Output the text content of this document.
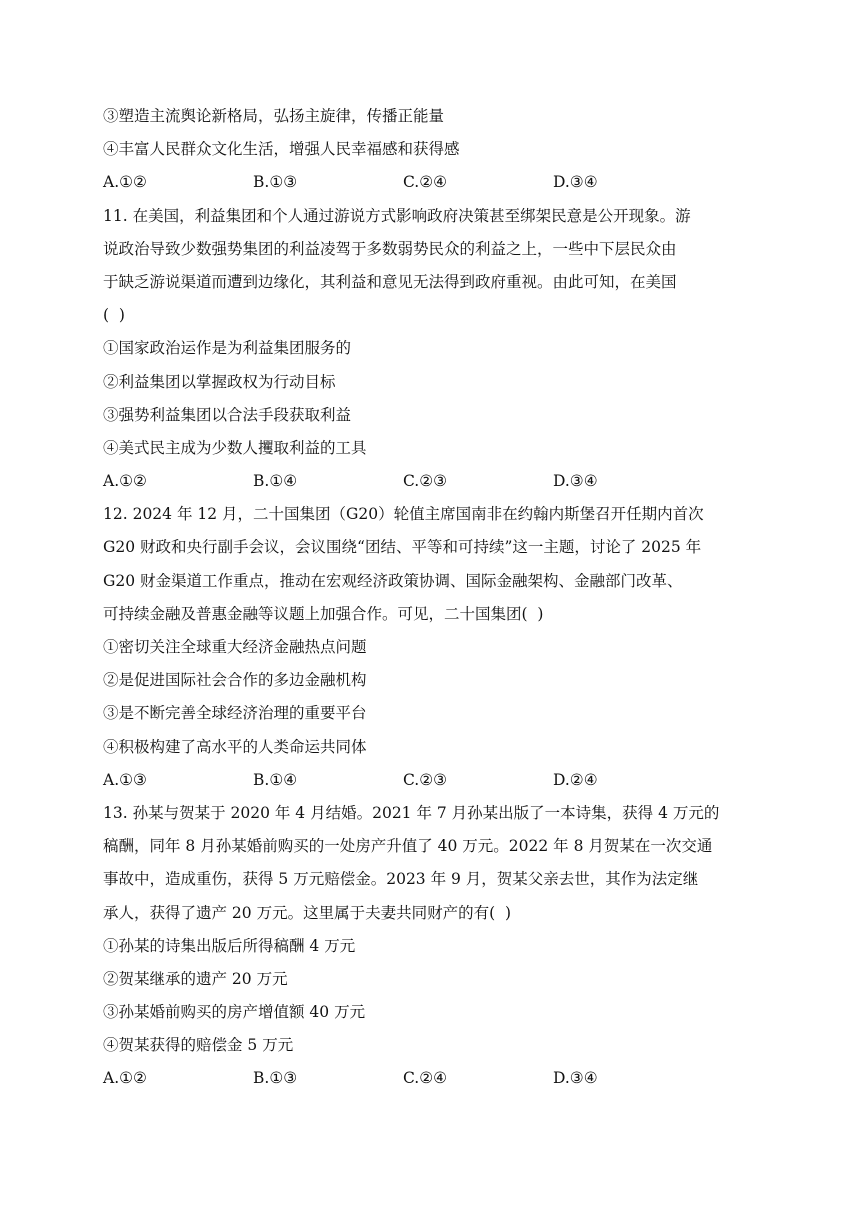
③塑造主流舆论新格局，弘扬主旋律，传播正能量
④丰富人民群众文化生活，增强人民幸福感和获得感
A.①②	B.①③	C.②④	D.③④
11. 在美国，利益集团和个人通过游说方式影响政府决策甚至绑架民意是公开现象。游
说政治导致少数强势集团的利益凌驾于多数弱势民众的利益之上，一些中下层民众由
于缺乏游说渠道而遭到边缘化，其利益和意见无法得到政府重视。由此可知，在美国
(  )
①国家政治运作是为利益集团服务的
②利益集团以掌握政权为行动目标
③强势利益集团以合法手段获取利益
④美式民主成为少数人攫取利益的工具
A.①②	B.①④	C.②③	D.③④
12. 2024 年 12 月，二十国集团（G20）轮值主席国南非在约翰内斯堡召开任期内首次
G20 财政和央行副手会议，会议围绕“团结、平等和可持续”这一主题，讨论了 2025 年
G20 财金渠道工作重点，推动在宏观经济政策协调、国际金融架构、金融部门改革、
可持续金融及普惠金融等议题上加强合作。可见，二十国集团(  )
①密切关注全球重大经济金融热点问题
②是促进国际社会合作的多边金融机构
③是不断完善全球经济治理的重要平台
④积极构建了高水平的人类命运共同体
A.①③	B.①④	C.②③	D.②④
13. 孙某与贺某于 2020 年 4 月结婚。2021 年 7 月孙某出版了一本诗集，获得 4 万元的
稿酬，同年 8 月孙某婚前购买的一处房产升值了 40 万元。2022 年 8 月贺某在一次交通
事故中，造成重伤，获得 5 万元赔偿金。2023 年 9 月，贺某父亲去世，其作为法定继
承人，获得了遗产 20 万元。这里属于夫妻共同财产的有(  )
①孙某的诗集出版后所得稿酬 4 万元
②贺某继承的遗产 20 万元
③孙某婚前购买的房产增值额 40 万元
④贺某获得的赔偿金 5 万元
A.①②	B.①③	C.②④	D.③④
